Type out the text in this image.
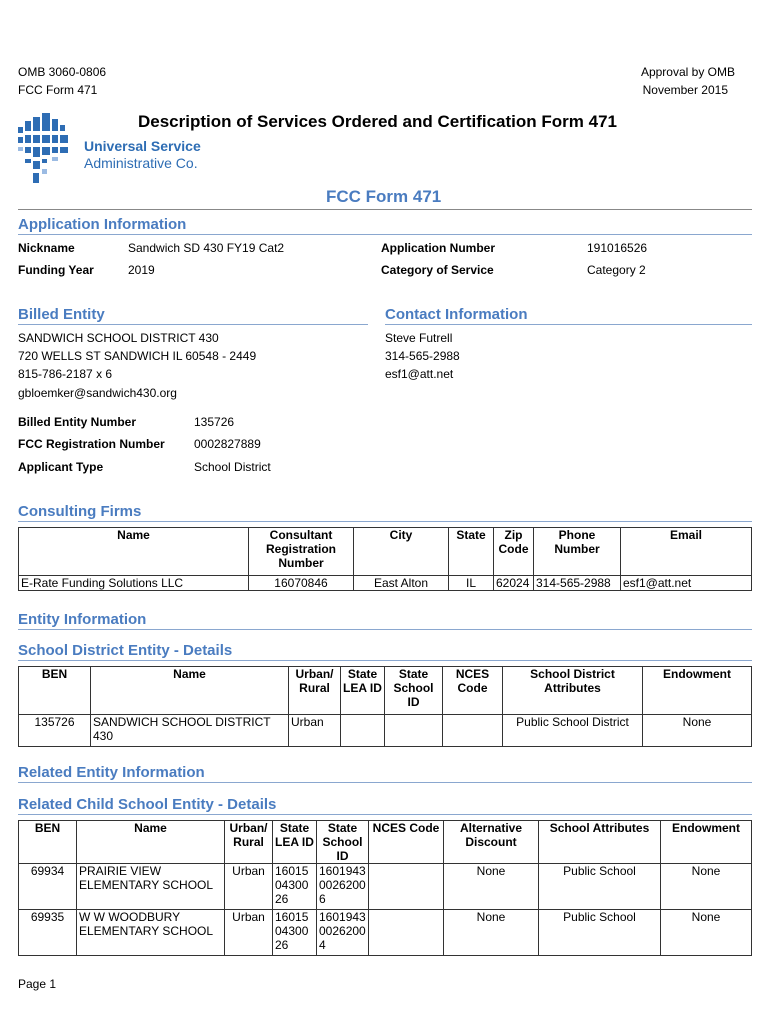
OMB 3060-0806
FCC Form 471
Approval by OMB
November 2015
Universal Service
Administrative Co.
Description of Services Ordered and Certification Form 471
FCC Form 471
Application Information
Nickname	Sandwich SD 430 FY19 Cat2	Application Number	191016526
Funding Year	2019	Category of Service	Category 2
Billed Entity
SANDWICH SCHOOL DISTRICT 430
720 WELLS ST SANDWICH IL 60548 - 2449
815-786-2187 x 6
gbloemker@sandwich430.org
Billed Entity Number	135726
FCC Registration Number 0002827889
Applicant Type	School District
Contact Information
Steve Futrell
314-565-2988
esf1@att.net
Consulting Firms
Name	Consultant Registration Number	City	State	Zip Code	Phone Number	Email
E-Rate Funding Solutions LLC	16070846	East Alton	IL	62024	314-565-2988	esf1@att.net
Entity Information
School District Entity - Details
BEN	Name	Urban/ Rural	State LEA ID	State School ID	NCES Code	School District Attributes	Endowment
135726	SANDWICH SCHOOL DISTRICT 430	Urban				Public School District	None
Related Entity Information
Related Child School Entity - Details
BEN	Name	Urban/ Rural	State LEA ID	State School ID	NCES Code	Alternative Discount	School Attributes	Endowment
69934	PRAIRIE VIEW ELEMENTARY SCHOOL	Urban	160150430026	160194300262006		None	Public School	None
69935	W W WOODBURY ELEMENTARY SCHOOL	Urban	160150430026	160194300262004		None	Public School	None
Page 1
